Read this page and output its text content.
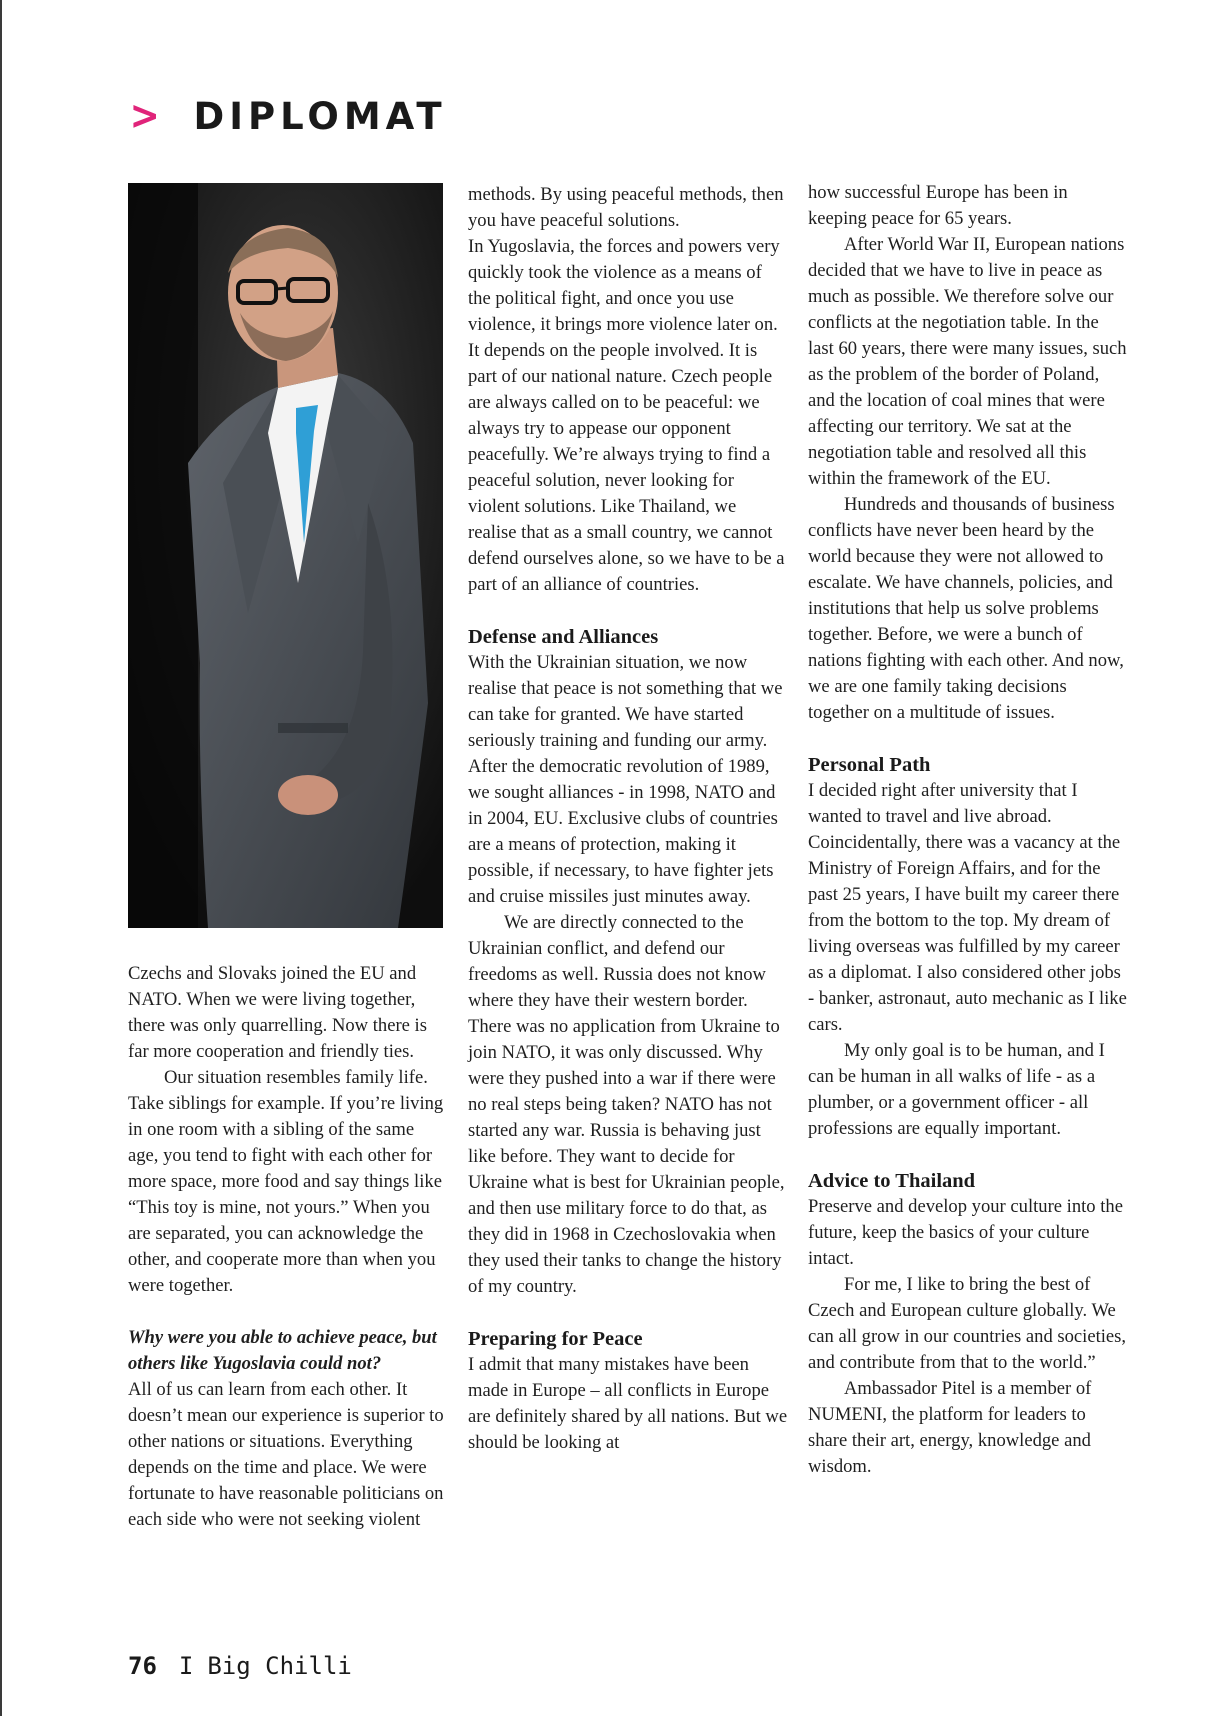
> DIPLOMAT

Czechs and Slovaks joined the EU and NATO. When we were living together, there was only quarrelling. Now there is far more cooperation and friendly ties.

Our situation resembles family life. Take siblings for example. If you’re living in one room with a sibling of the same age, you tend to fight with each other for more space, more food and say things like “This toy is mine, not yours.” When you are separated, you can acknowledge the other, and cooperate more than when you were together.

Why were you able to achieve peace, but others like Yugoslavia could not?

All of us can learn from each other. It doesn’t mean our experience is superior to other nations or situations. Everything depends on the time and place. We were fortunate to have reasonable politicians on each side who were not seeking violent

methods. By using peaceful methods, then you have peaceful solutions.

In Yugoslavia, the forces and powers very quickly took the violence as a means of the political fight, and once you use violence, it brings more violence later on. It depends on the people involved. It is part of our national nature. Czech people are always called on to be peaceful: we always try to appease our opponent peacefully. We’re always trying to find a peaceful solution, never looking for violent solutions. Like Thailand, we realise that as a small country, we cannot defend ourselves alone, so we have to be a part of an alliance of countries.

Defense and Alliances

With the Ukrainian situation, we now realise that peace is not something that we can take for granted. We have started seriously training and funding our army. After the democratic revolution of 1989, we sought alliances - in 1998, NATO and in 2004, EU. Exclusive clubs of countries are a means of protection, making it possible, if necessary, to have fighter jets and cruise missiles just minutes away.

We are directly connected to the Ukrainian conflict, and defend our freedoms as well. Russia does not know where they have their western border. There was no application from Ukraine to join NATO, it was only discussed. Why were they pushed into a war if there were no real steps being taken? NATO has not started any war. Russia is behaving just like before. They want to decide for Ukraine what is best for Ukrainian people, and then use military force to do that, as they did in 1968 in Czechoslovakia when they used their tanks to change the history of my country.

Preparing for Peace

I admit that many mistakes have been made in Europe – all conflicts in Europe are definitely shared by all nations. But we should be looking at

how successful Europe has been in keeping peace for 65 years.

After World War II, European nations decided that we have to live in peace as much as possible. We therefore solve our conflicts at the negotiation table. In the last 60 years, there were many issues, such as the problem of the border of Poland, and the location of coal mines that were affecting our territory. We sat at the negotiation table and resolved all this within the framework of the EU.

Hundreds and thousands of business conflicts have never been heard by the world because they were not allowed to escalate. We have channels, policies, and institutions that help us solve problems together. Before, we were a bunch of nations fighting with each other. And now, we are one family taking decisions together on a multitude of issues.

Personal Path

I decided right after university that I wanted to travel and live abroad. Coincidentally, there was a vacancy at the Ministry of Foreign Affairs, and for the past 25 years, I have built my career there from the bottom to the top. My dream of living overseas was fulfilled by my career as a diplomat. I also considered other jobs - banker, astronaut, auto mechanic as I like cars.

My only goal is to be human, and I can be human in all walks of life - as a plumber, or a government officer - all professions are equally important.

Advice to Thailand

Preserve and develop your culture into the future, keep the basics of your culture intact.

For me, I like to bring the best of Czech and European culture globally. We can all grow in our countries and societies, and contribute from that to the world.”

Ambassador Pitel is a member of NUMENI, the platform for leaders to share their art, energy, knowledge and wisdom.

76 I Big Chilli
